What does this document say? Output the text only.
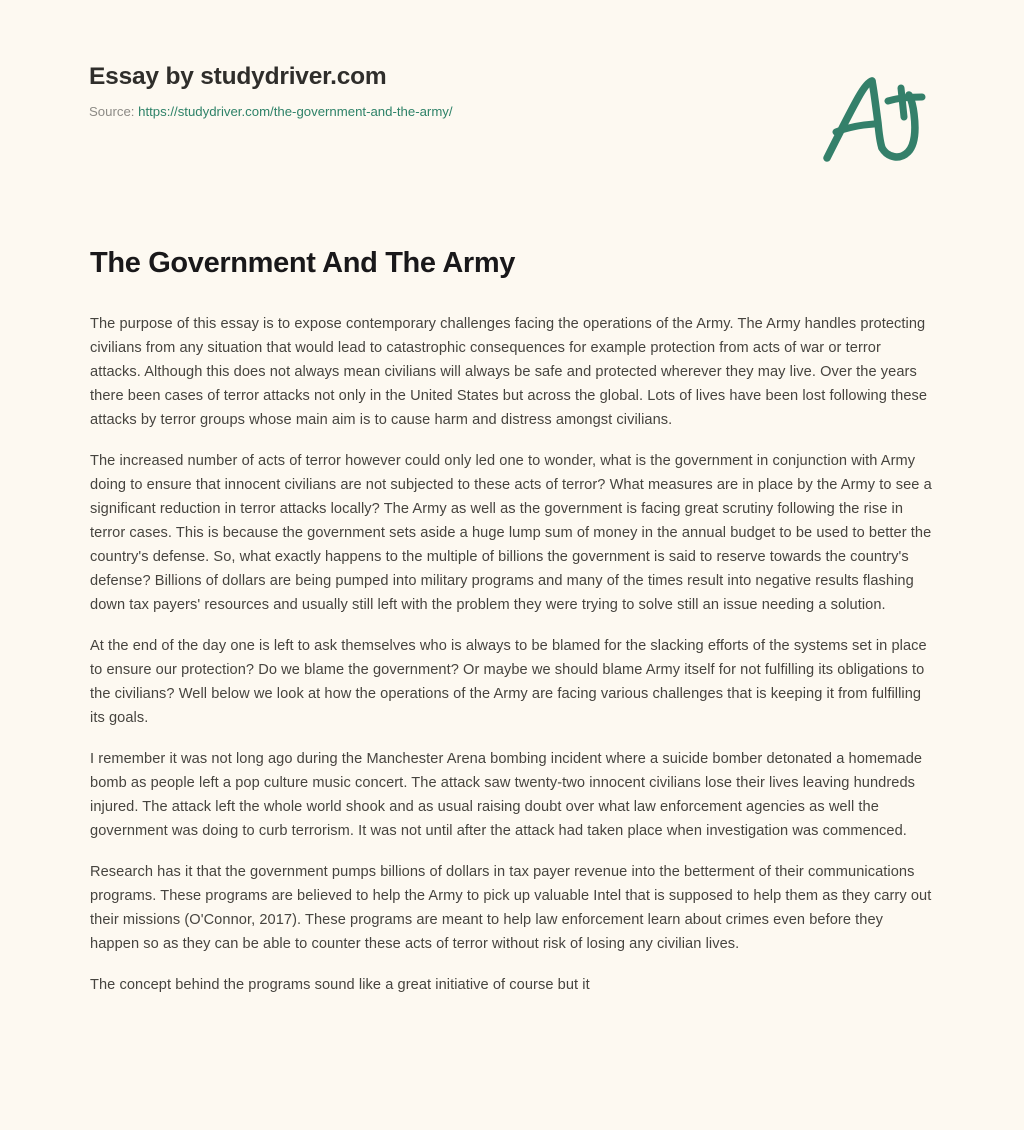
Essay by studydriver.com
Source: https://studydriver.com/the-government-and-the-army/
The Government And The Army

The purpose of this essay is to expose contemporary challenges facing the operations of the Army. The Army handles protecting civilians from any situation that would lead to catastrophic consequences for example protection from acts of war or terror attacks. Although this does not always mean civilians will always be safe and protected wherever they may live. Over the years there been cases of terror attacks not only in the United States but across the global. Lots of lives have been lost following these attacks by terror groups whose main aim is to cause harm and distress amongst civilians.

The increased number of acts of terror however could only led one to wonder, what is the government in conjunction with Army doing to ensure that innocent civilians are not subjected to these acts of terror? What measures are in place by the Army to see a significant reduction in terror attacks locally? The Army as well as the government is facing great scrutiny following the rise in terror cases. This is because the government sets aside a huge lump sum of money in the annual budget to be used to better the country's defense. So, what exactly happens to the multiple of billions the government is said to reserve towards the country's defense? Billions of dollars are being pumped into military programs and many of the times result into negative results flashing down tax payers' resources and usually still left with the problem they were trying to solve still an issue needing a solution.

At the end of the day one is left to ask themselves who is always to be blamed for the slacking efforts of the systems set in place to ensure our protection? Do we blame the government? Or maybe we should blame Army itself for not fulfilling its obligations to the civilians? Well below we look at how the operations of the Army are facing various challenges that is keeping it from fulfilling its goals.

I remember it was not long ago during the Manchester Arena bombing incident where a suicide bomber detonated a homemade bomb as people left a pop culture music concert. The attack saw twenty-two innocent civilians lose their lives leaving hundreds injured. The attack left the whole world shook and as usual raising doubt over what law enforcement agencies as well the government was doing to curb terrorism. It was not until after the attack had taken place when investigation was commenced.

Research has it that the government pumps billions of dollars in tax payer revenue into the betterment of their communications programs. These programs are believed to help the Army to pick up valuable Intel that is supposed to help them as they carry out their missions (O'Connor, 2017). These programs are meant to help law enforcement learn about crimes even before they happen so as they can be able to counter these acts of terror without risk of losing any civilian lives.

The concept behind the programs sound like a great initiative of course but it
